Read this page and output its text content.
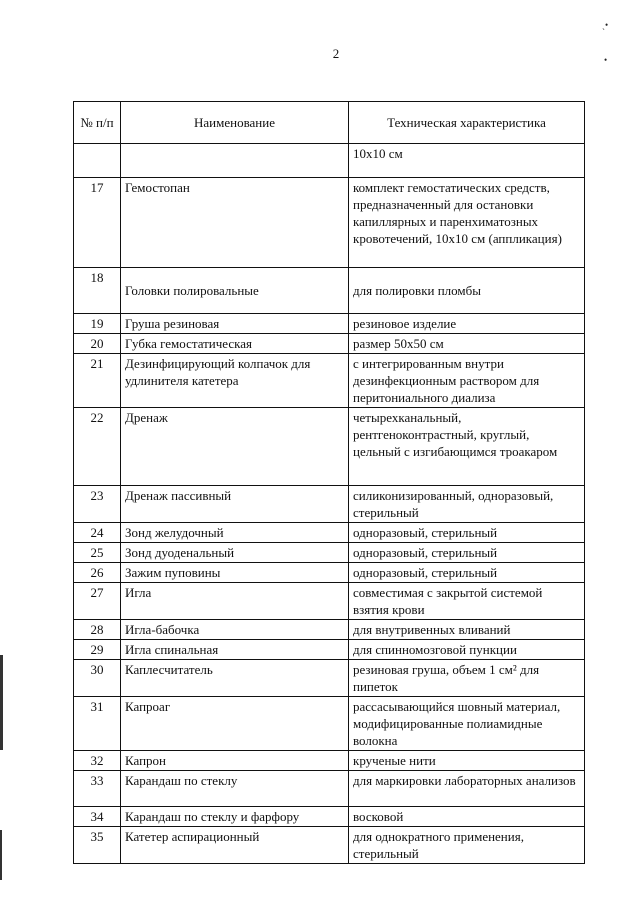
2
ˏ•
•
№ п/п	Наименование	Техническая характеристика
		10x10 см
17	Гемостопан	комплект гемостатических средств, предназначенный для остановки капиллярных и паренхиматозных кровотечений, 10x10 см (аппликация)
18	Головки полировальные	для полировки пломбы
19	Груша резиновая	резиновое изделие
20	Губка гемостатическая	размер 50x50 см
21	Дезинфицирующий колпачок для удлинителя катетера	с интегрированным внутри дезинфекционным раствором для перитониального диализа
22	Дренаж	четырехканальный, рентгеноконтрастный, круглый, цельный с изгибающимся троакаром
23	Дренаж пассивный	силиконизированный, одноразовый, стерильный
24	Зонд желудочный	одноразовый, стерильный
25	Зонд дуоденальный	одноразовый, стерильный
26	Зажим пуповины	одноразовый, стерильный
27	Игла	совместимая с закрытой системой взятия крови
28	Игла-бабочка	для внутривенных вливаний
29	Игла спинальная	для спинномозговой пункции
30	Каплесчитатель	резиновая груша, объем 1 см² для пипеток
31	Капроаг	рассасывающийся шовный материал, модифицированные полиамидные волокна
32	Капрон	крученые нити
33	Карандаш по стеклу	для маркировки лабораторных анализов
34	Карандаш по стеклу и фарфору	восковой
35	Катетер аспирационный	для однократного применения, стерильный
